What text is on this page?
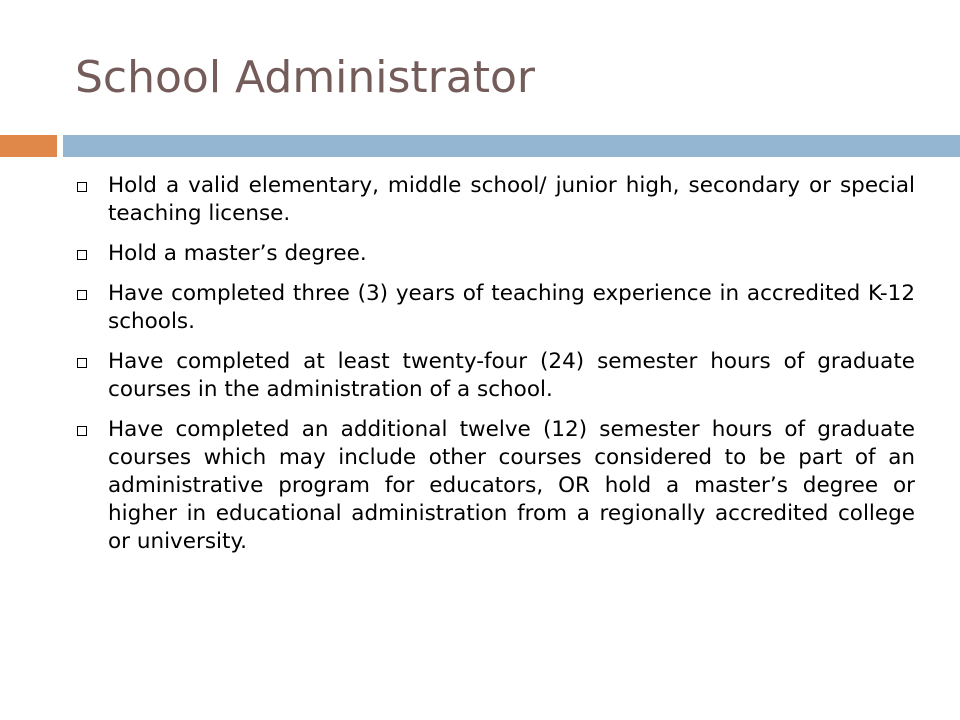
School Administrator
Hold a valid elementary, middle school/ junior high, secondary or special teaching license.
Hold a master’s degree.
Have completed three (3) years of teaching experience in accredited K-12 schools.
Have completed at least twenty-four (24) semester hours of graduate courses in the administration of a school.
Have completed an additional twelve (12) semester hours of graduate courses which may include other courses considered to be part of an administrative program for educators, OR hold a master’s degree or higher in educational administration from a regionally accredited college or university.
